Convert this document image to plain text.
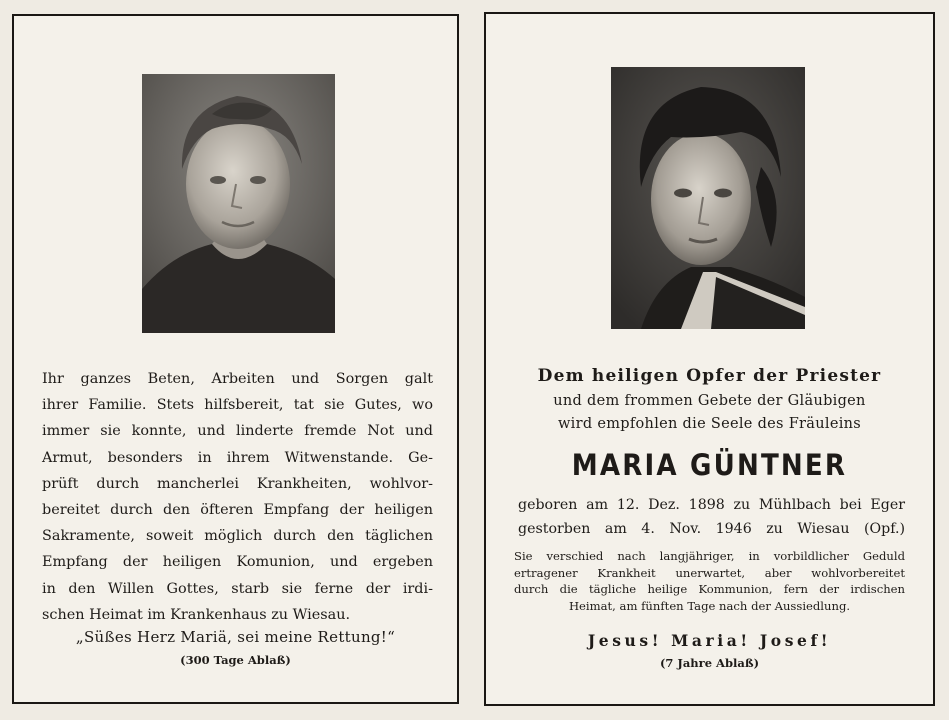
Ihr ganzes Beten, Arbeiten und Sorgen galt
ihrer Familie. Stets hilfsbereit, tat sie Gutes, wo
immer sie konnte, und linderte fremde Not und
Armut, besonders in ihrem Witwenstande. Ge-
prüft durch mancherlei Krankheiten, wohlvor-
bereitet durch den öfteren Empfang der heiligen
Sakramente, soweit möglich durch den täglichen
Empfang der heiligen Komunion, und ergeben
in den Willen Gottes, starb sie ferne der irdi-
schen Heimat im Krankenhaus zu Wiesau.
„Süßes Herz Mariä, sei meine Rettung!“
(300 Tage Ablaß)
Dem heiligen Opfer der Priester
und dem frommen Gebete der Gläubigen
wird empfohlen die Seele des Fräuleins
MARIA GÜNTNER
geboren am 12. Dez. 1898 zu Mühlbach bei Eger
gestorben am 4. Nov. 1946 zu Wiesau (Opf.)
Sie verschied nach langjähriger, in vorbildlicher Geduld
ertragener Krankheit unerwartet, aber wohlvorbereitet
durch die tägliche heilige Kommunion, fern der irdischen
Heimat, am fünften Tage nach der Aussiedlung.
Jesus! Maria! Josef!
(7 Jahre Ablaß)
